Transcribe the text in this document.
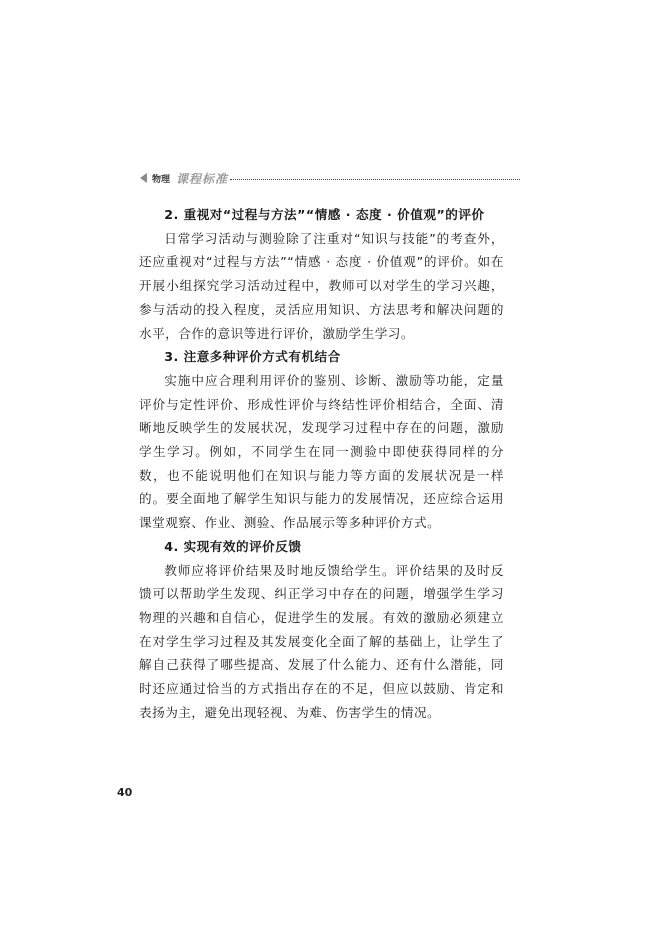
物理 课程标准

2. 重视对“过程与方法”“情感 · 态度 · 价值观”的评价

日常学习活动与测验除了注重对“知识与技能”的考查外，还应重视对“过程与方法”“情感 · 态度 · 价值观”的评价。如在开展小组探究学习活动过程中，教师可以对学生的学习兴趣，参与活动的投入程度，灵活应用知识、方法思考和解决问题的水平，合作的意识等进行评价，激励学生学习。

3. 注意多种评价方式有机结合

实施中应合理利用评价的鉴别、诊断、激励等功能，定量评价与定性评价、形成性评价与终结性评价相结合，全面、清晰地反映学生的发展状况，发现学习过程中存在的问题，激励学生学习。例如，不同学生在同一测验中即使获得同样的分数，也不能说明他们在知识与能力等方面的发展状况是一样的。要全面地了解学生知识与能力的发展情况，还应综合运用课堂观察、作业、测验、作品展示等多种评价方式。

4. 实现有效的评价反馈

教师应将评价结果及时地反馈给学生。评价结果的及时反馈可以帮助学生发现、纠正学习中存在的问题，增强学生学习物理的兴趣和自信心，促进学生的发展。有效的激励必须建立在对学生学习过程及其发展变化全面了解的基础上，让学生了解自己获得了哪些提高、发展了什么能力、还有什么潜能，同时还应通过恰当的方式指出存在的不足，但应以鼓励、肯定和表扬为主，避免出现轻视、为难、伤害学生的情况。

40
